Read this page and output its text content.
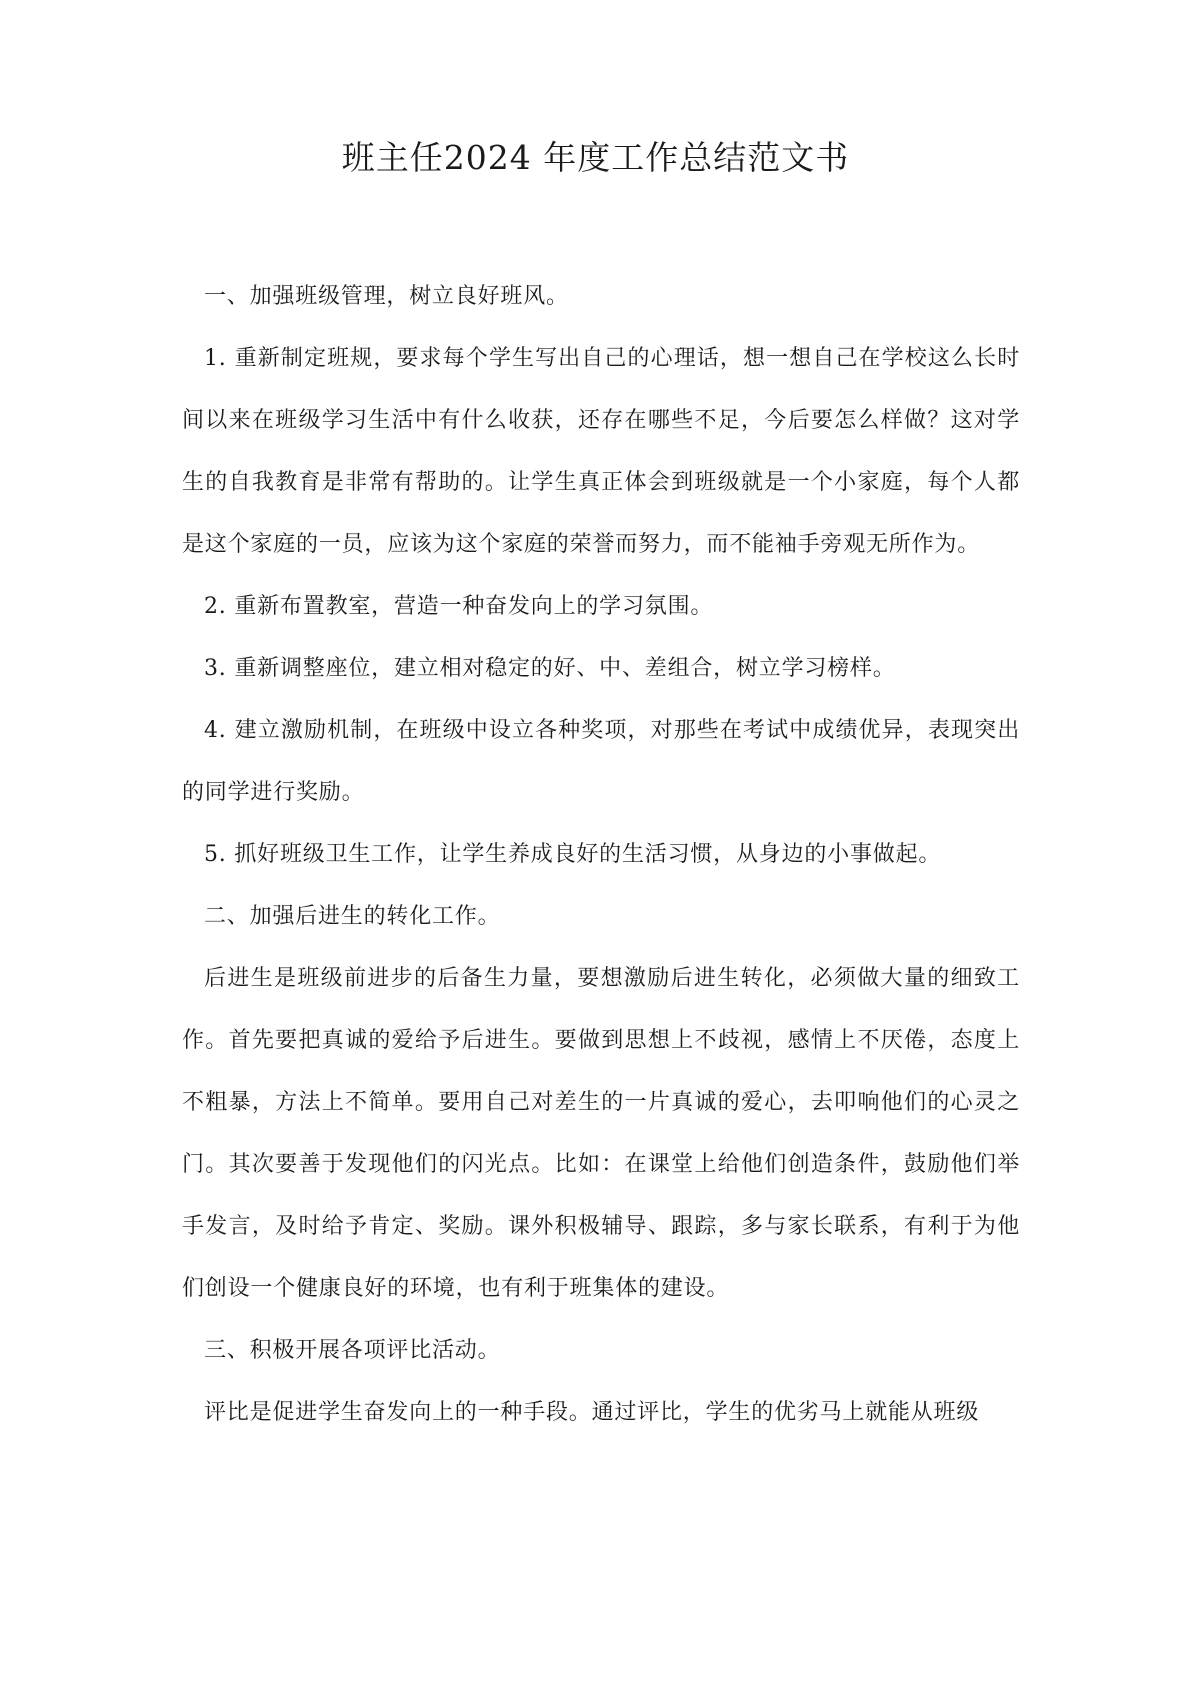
班主任2024 年度工作总结范文书

一、加强班级管理，树立良好班风。

1. 重新制定班规，要求每个学生写出自己的心理话，想一想自己在学校这么长时间以来在班级学习生活中有什么收获，还存在哪些不足，今后要怎么样做？这对学生的自我教育是非常有帮助的。让学生真正体会到班级就是一个小家庭，每个人都是这个家庭的一员，应该为这个家庭的荣誉而努力，而不能袖手旁观无所作为。

2. 重新布置教室，营造一种奋发向上的学习氛围。

3. 重新调整座位，建立相对稳定的好、中、差组合，树立学习榜样。

4. 建立激励机制，在班级中设立各种奖项，对那些在考试中成绩优异，表现突出的同学进行奖励。

5. 抓好班级卫生工作，让学生养成良好的生活习惯，从身边的小事做起。

二、加强后进生的转化工作。

后进生是班级前进步的后备生力量，要想激励后进生转化，必须做大量的细致工作。首先要把真诚的爱给予后进生。要做到思想上不歧视，感情上不厌倦，态度上不粗暴，方法上不简单。要用自己对差生的一片真诚的爱心，去叩响他们的心灵之门。其次要善于发现他们的闪光点。比如：在课堂上给他们创造条件，鼓励他们举手发言，及时给予肯定、奖励。课外积极辅导、跟踪，多与家长联系，有利于为他们创设一个健康良好的环境，也有利于班集体的建设。

三、积极开展各项评比活动。

评比是促进学生奋发向上的一种手段。通过评比，学生的优劣马上就能从班级
